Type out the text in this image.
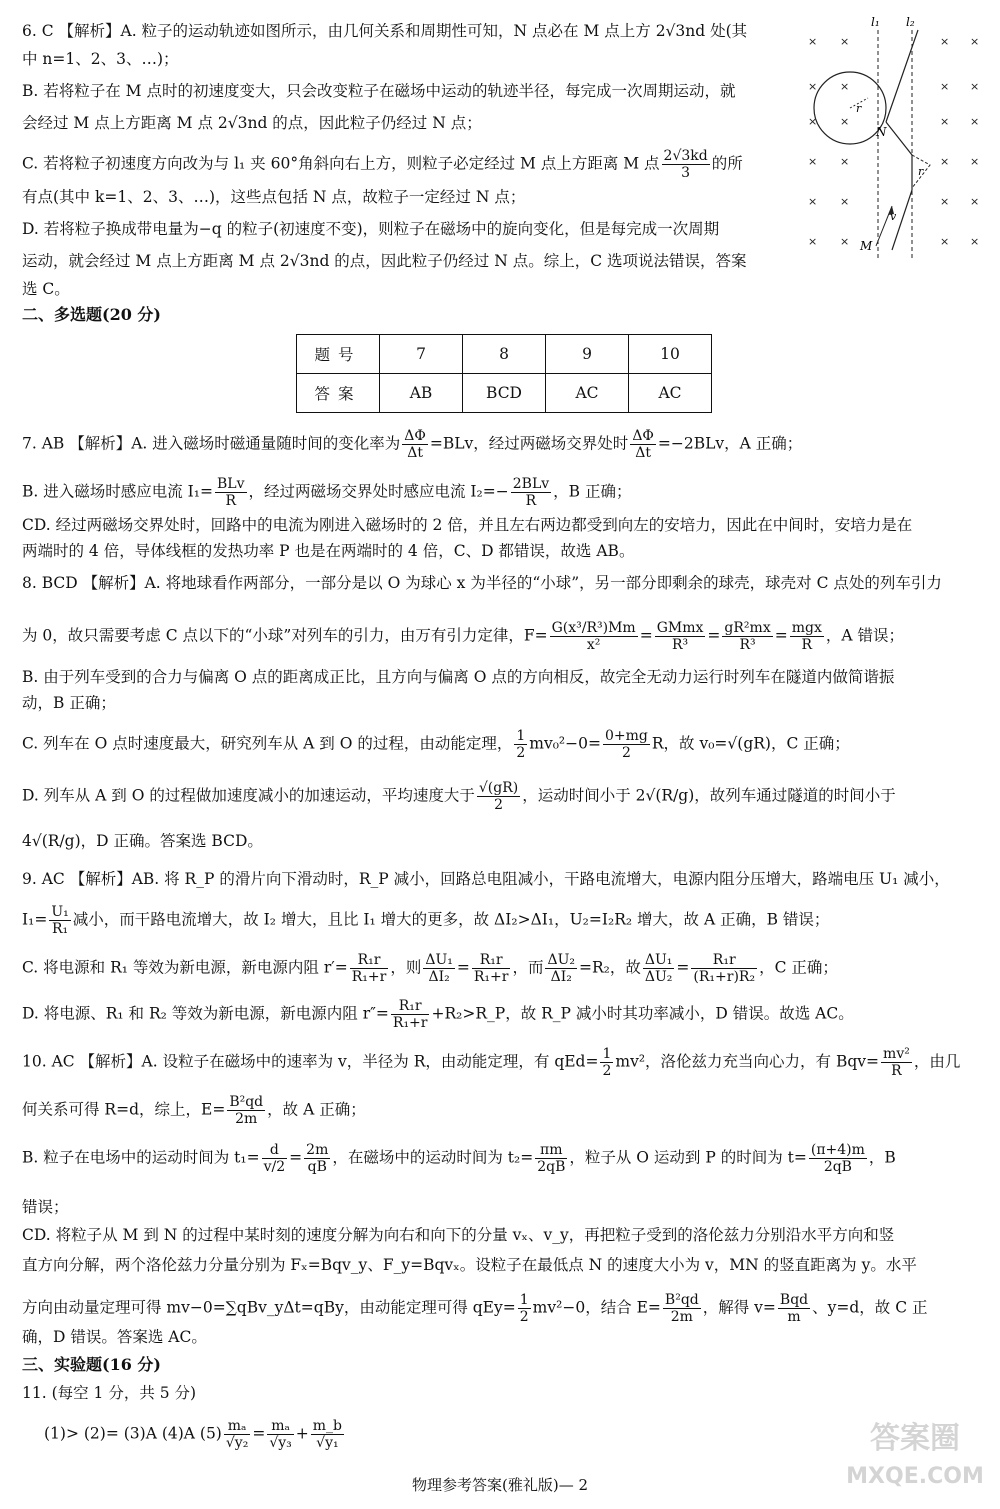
6. C 【解析】A. 粒子的运动轨迹如图所示，由几何关系和周期性可知，N 点必在 M 点上方 2√3nd 处(其
中 n=1、2、3、…)；
B. 若将粒子在 M 点时的初速度变大，只会改变粒子在磁场中运动的轨迹半径，每完成一次周期运动，就
会经过 M 点上方距离 M 点 2√3nd 的点，因此粒子仍经过 N 点；
C. 若将粒子初速度方向改为与 l₁ 夹 60°角斜向右上方，则粒子必定经过 M 点上方距离 M 点 $\frac{2√3kd}{3}$ 的所
有点(其中 k=1、2、3、…)，这些点包括 N 点，故粒子一定经过 N 点；
D. 若将粒子换成带电量为−q 的粒子(初速度不变)，则粒子在磁场中的旋向变化，但是每完成一次周期
运动，就会经过 M 点上方距离 M 点 2√3nd 的点，因此粒子仍经过 N 点。综上，C 选项说法错误，答案
选 C。
× ×	× ×
× ×	× ×
× ×	× ×
× ×	× ×
× ×	× ×
× ×	× ×
l₁ l₂
r
r
N
M
v
二、多选题(20 分)
题号	7	8	9	10
答案	AB	BCD	AC	AC
7. AB 【解析】A. 进入磁场时磁通量随时间的变化率为 $\frac{\Delta\Phi}{\Delta t} =BLv$，经过两磁场交界处时 $\frac{\Delta\Phi}{\Delta t} =-2BLv$，A 正确；
B. 进入磁场时感应电流 $I_1= \frac{\text{BLv}}{R}$ ，经过两磁场交界处时感应电流 $I_2=- \frac{\text{2BLv}}{R}$ ，B 正确；
CD. 经过两磁场交界处时，回路中的电流为刚进入磁场时的 2 倍，并且左右两边都受到向左的安培力，因此在中间时，安培力是在
两端时的 4 倍，导体线框的发热功率 P 也是在两端时的 4 倍，C、D 都错误，故选 AB。
8. BCD 【解析】A. 将地球看作两部分，一部分是以 O 为球心 x 为半径的“小球”，另一部分即剩余的球壳，球壳对 C 点处的列车引力
为 0，故只需要考虑 C 点以下的“小球”对列车的引力，由万有引力定律，$F= \frac{\text{G(x³/R³)Mm}}{\text{x²}} = \frac{\text{GMmx}}{\text{R³}} = \frac{\text{gR²mx}}{\text{R³}} = \frac{\text{mgx}}{R}$ ，A 错误；
B. 由于列车受到的合力与偏离 O 点的距离成正比，且方向与偏离 O 点的方向相反，故完全无动力运行时列车在隧道内做简谐振
动，B 正确；
C. 列车在 O 点时速度最大，研究列车从 A 到 O 的过程，由动能定理， $\frac{1}{2} mv_0^2-0= \frac{0+mg}{2}$ R，故 v₀=√(gR)，C 正确；
D. 列车从 A 到 O 的过程做加速度减小的加速运动，平均速度大于 $\frac{√(gR)}{2}$ ，运动时间小于 2√(R/g)，故列车通过隧道的时间小于
4√(R/g)，D 正确。答案选 BCD。
9. AC 【解析】AB. 将 R_P 的滑片向下滑动时，R_P 减小，回路总电阻减小，干路电流增大，电源内阻分压增大，路端电压 U₁ 减小，
$I_1= \frac{\text{U₁}}{\text{R₁}}$ 减小，而干路电流增大，故 I₂ 增大，且比 I₁ 增大的更多，故 ΔI₂>ΔI₁，U₂=I₂R₂ 增大，故 A 正确，B 错误；
C. 将电源和 R₁ 等效为新电源，新电源内阻 $r'= \frac{\text{R₁r}}{\text{R₁+r}}$ ，则 $\frac{\text{ΔU₁}}{\text{ΔI₂}} = \frac{\text{R₁r}}{\text{R₁+r}}$ ，而 $\frac{\text{ΔU₂}}{\text{ΔI₂}} =R_2$，故 $\frac{\text{ΔU₁}}{\text{ΔU₂}} = \frac{\text{R₁r}}{\text{(R₁+r)R₂}}$ ，C 正确；
D. 将电源、R₁ 和 R₂ 等效为新电源，新电源内阻 $r''= \frac{\text{R₁r}}{\text{R₁+r}}$ +R₂>R_P，故 R_P 减小时其功率减小，D 错误。故选 AC。
10. AC 【解析】A. 设粒子在磁场中的速率为 v，半径为 R，由动能定理，有 $qEd= \frac{1}{2} mv^2$，洛伦兹力充当向心力，有 $Bqv= \frac{\text{mv²}}{R}$ ，由几
何关系可得 R=d，综上，$E= \frac{\text{B²qd}}{2m}$ ，故 A 正确；
B. 粒子在电场中的运动时间为 $t_1= \frac{d}{v/2} = \frac{2m}{qB}$ ，在磁场中的运动时间为 $t_2= \frac{\pi m}{2qB}$ ，粒子从 O 运动到 P 的时间为 $t= \frac{(\pi+4)m}{2qB}$ ，B
错误；
CD. 将粒子从 M 到 N 的过程中某时刻的速度分解为向右和向下的分量 vₓ、v_y，再把粒子受到的洛伦兹力分别沿水平方向和竖
直方向分解，两个洛伦兹力分量分别为 Fₓ=Bqv_y、F_y=Bqvₓ。设粒子在最低点 N 的速度大小为 v，MN 的竖直距离为 y。水平
方向由动量定理可得 mv−0=∑qBv_yΔt=qBy，由动能定理可得 $qEy= \frac{1}{2} mv^2-0$，结合 $E= \frac{\text{B²qd}}{2m}$ ，解得 $v= \frac{\text{Bqd}}{m}$ 、y=d，故 C 正
确，D 错误。答案选 AC。
三、实验题(16 分)
11. (每空 1 分，共 5 分)
(1)> (2)= (3)A (4)A $(5) \frac{\text{mₐ}}{\text{√y₂}} = \frac{\text{mₐ}}{\text{√y₃}} + \frac{m\_b}{\text{√y₁}}$	答案圈
MXQE.COM
物理参考答案(雅礼版)— 2
